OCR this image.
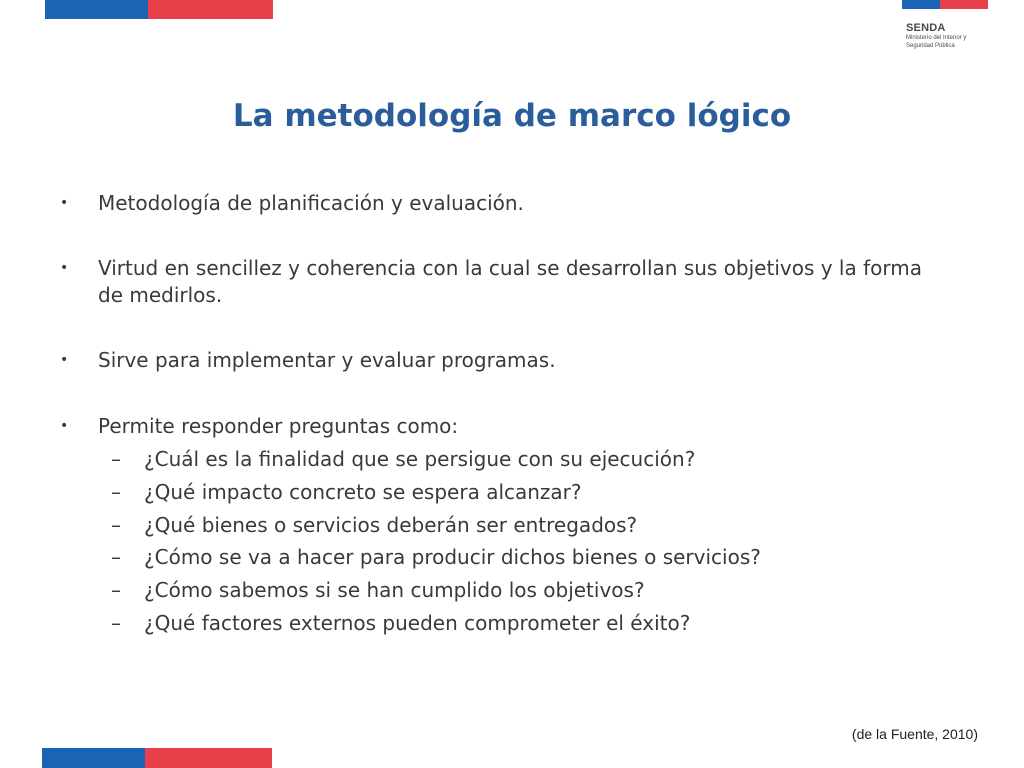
SENDA
Ministerio del Interior y
Seguridad Pública
La metodología de marco lógico
• Metodología de planificación y evaluación.
• Virtud en sencillez y coherencia con la cual se desarrollan sus objetivos y la forma de medirlos.
• Sirve para implementar y evaluar programas.
• Permite responder preguntas como:
– ¿Cuál es la finalidad que se persigue con su ejecución?
– ¿Qué impacto concreto se espera alcanzar?
– ¿Qué bienes o servicios deberán ser entregados?
– ¿Cómo se va a hacer para producir dichos bienes o servicios?
– ¿Cómo sabemos si se han cumplido los objetivos?
– ¿Qué factores externos pueden comprometer el éxito?
(de la Fuente, 2010)
